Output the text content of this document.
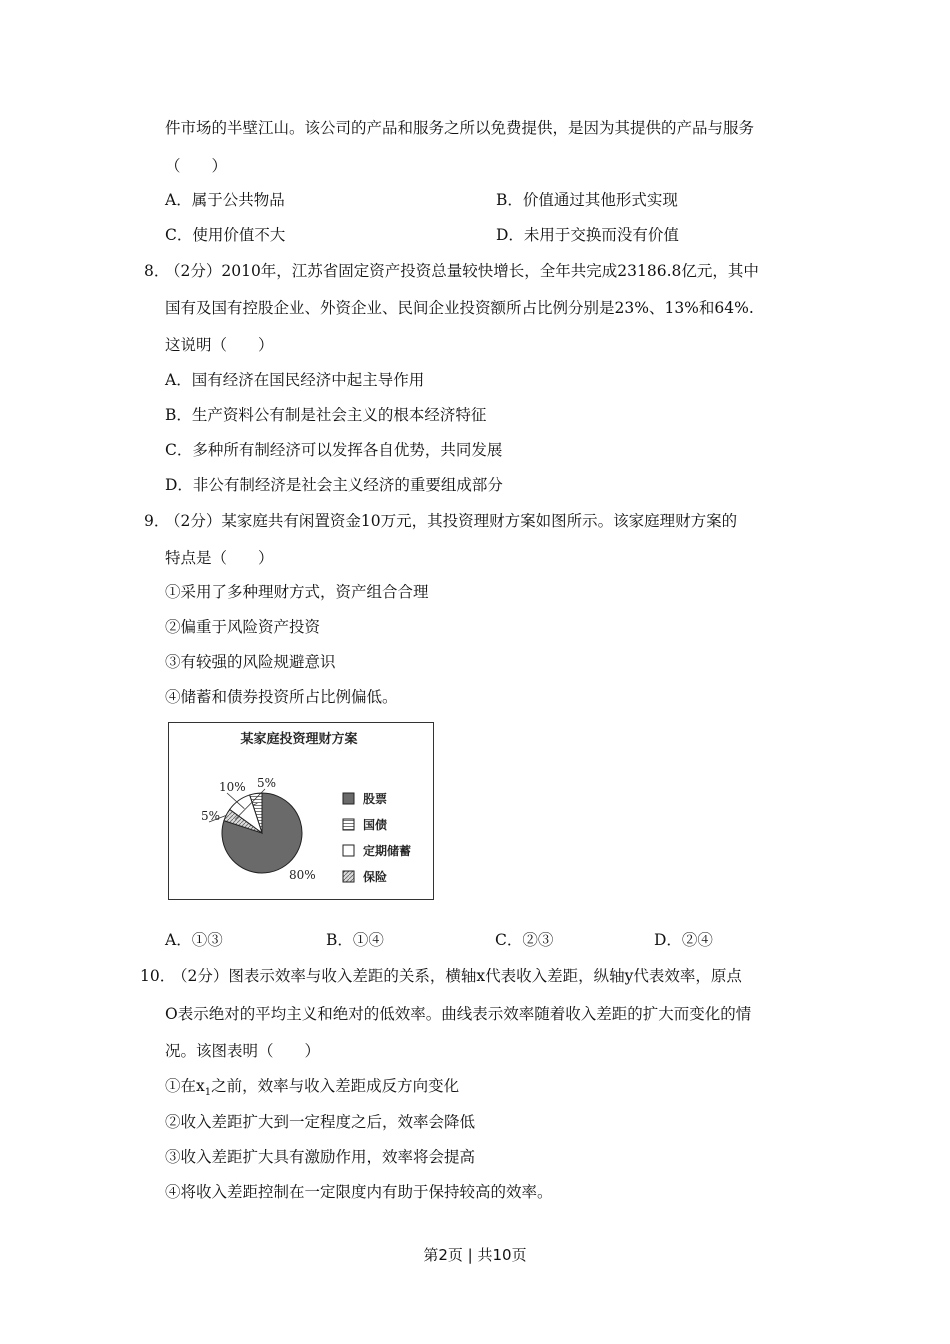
件市场的半壁江山。该公司的产品和服务之所以免费提供，是因为其提供的产品与服务
（　　）
A．属于公共物品	B．价值通过其他形式实现
C．使用价值不大	D．未用于交换而没有价值
8．
（2分）2010年，江苏省固定资产投资总量较快增长，全年共完成23186.8亿元，其中
国有及国有控股企业、外资企业、民间企业投资额所占比例分别是23%、13%和64%.
这说明（　　）
A．国有经济在国民经济中起主导作用
B．生产资料公有制是社会主义的根本经济特征
C．多种所有制经济可以发挥各自优势，共同发展
D．非公有制经济是社会主义经济的重要组成部分
9．
（2分）某家庭共有闲置资金10万元，其投资理财方案如图所示。该家庭理财方案的
特点是（　　）
①采用了多种理财方式，资产组合合理
②偏重于风险资产投资
③有较强的风险规避意识
④储蓄和债券投资所占比例偏低。
某家庭投资理财方案
80%
5%
10% 5%
股票
国债
定期储蓄
保险
A．①③	B．①④	C．②③	D．②④
10．
（2分）图表示效率与收入差距的关系，横轴x代表收入差距，纵轴y代表效率，原点
O表示绝对的平均主义和绝对的低效率。曲线表示效率随着收入差距的扩大而变化的情
况。该图表明（　　）
①在$x_1$之前，效率与收入差距成反方向变化
②收入差距扩大到一定程度之后，效率会降低
③收入差距扩大具有激励作用，效率将会提高
④将收入差距控制在一定限度内有助于保持较高的效率。
第2页 | 共10页
